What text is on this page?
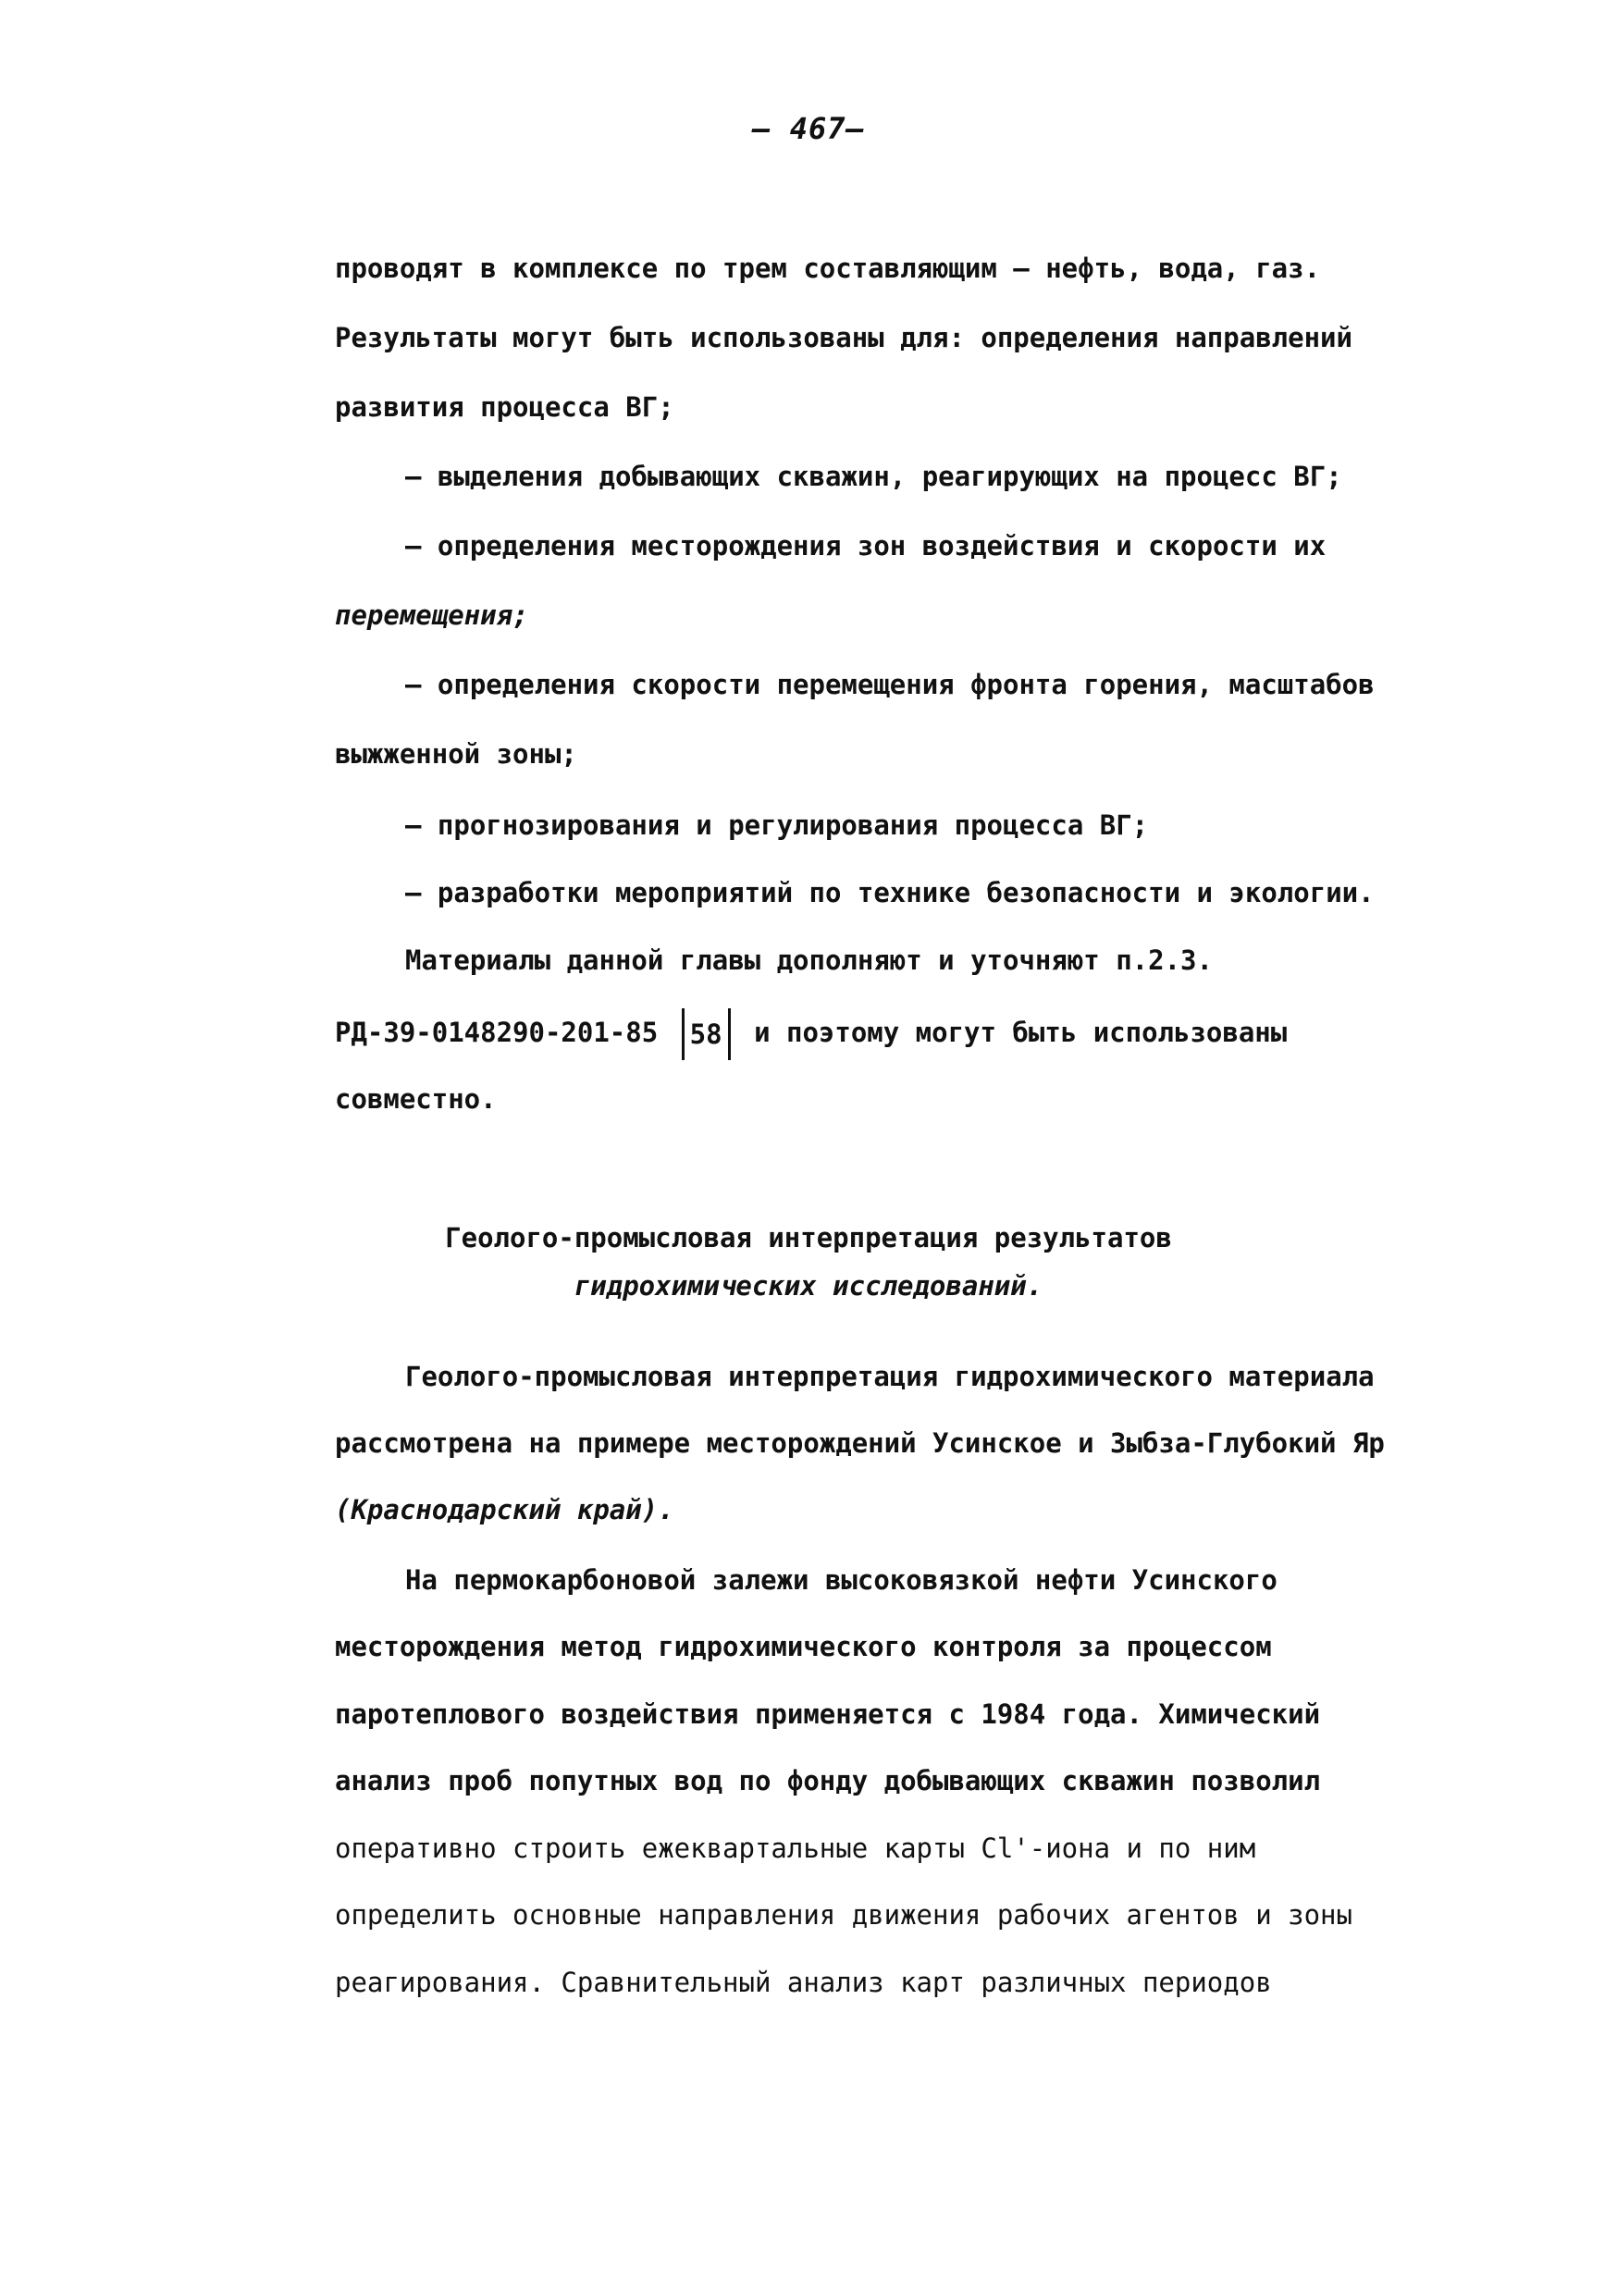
– 467–
проводят в комплексе по трем составляющим – нефть, вода, газ.
Результаты могут быть использованы для: определения направлений
развития процесса ВГ;
– выделения добывающих скважин, реагирующих на процесс ВГ;
– определения месторождения зон воздействия и скорости их
перемещения;
– определения скорости перемещения фронта горения, масштабов
выжженной зоны;
– прогнозирования и регулирования процесса ВГ;
– разработки мероприятий по технике безопасности и экологии.
Материалы данной главы дополняют и уточняют п.2.3.
РД-39-0148290-201-85 58 и поэтому могут быть использованы
совместно.
Геолого-промысловая интерпретация результатов
гидрохимических исследований.
Геолого-промысловая интерпретация гидрохимического материала
рассмотрена на примере месторождений Усинское и Зыбза-Глубокий Яр
(Краснодарский край).
На пермокарбоновой залежи высоковязкой нефти Усинского
месторождения метод гидрохимического контроля за процессом
паротеплового воздействия применяется с 1984 года. Химический
анализ проб попутных вод по фонду добывающих скважин позволил
оперативно строить ежеквартальные карты Cl'-иона и по ним
определить основные направления движения рабочих агентов и зоны
реагирования. Сравнительный анализ карт различных периодов
